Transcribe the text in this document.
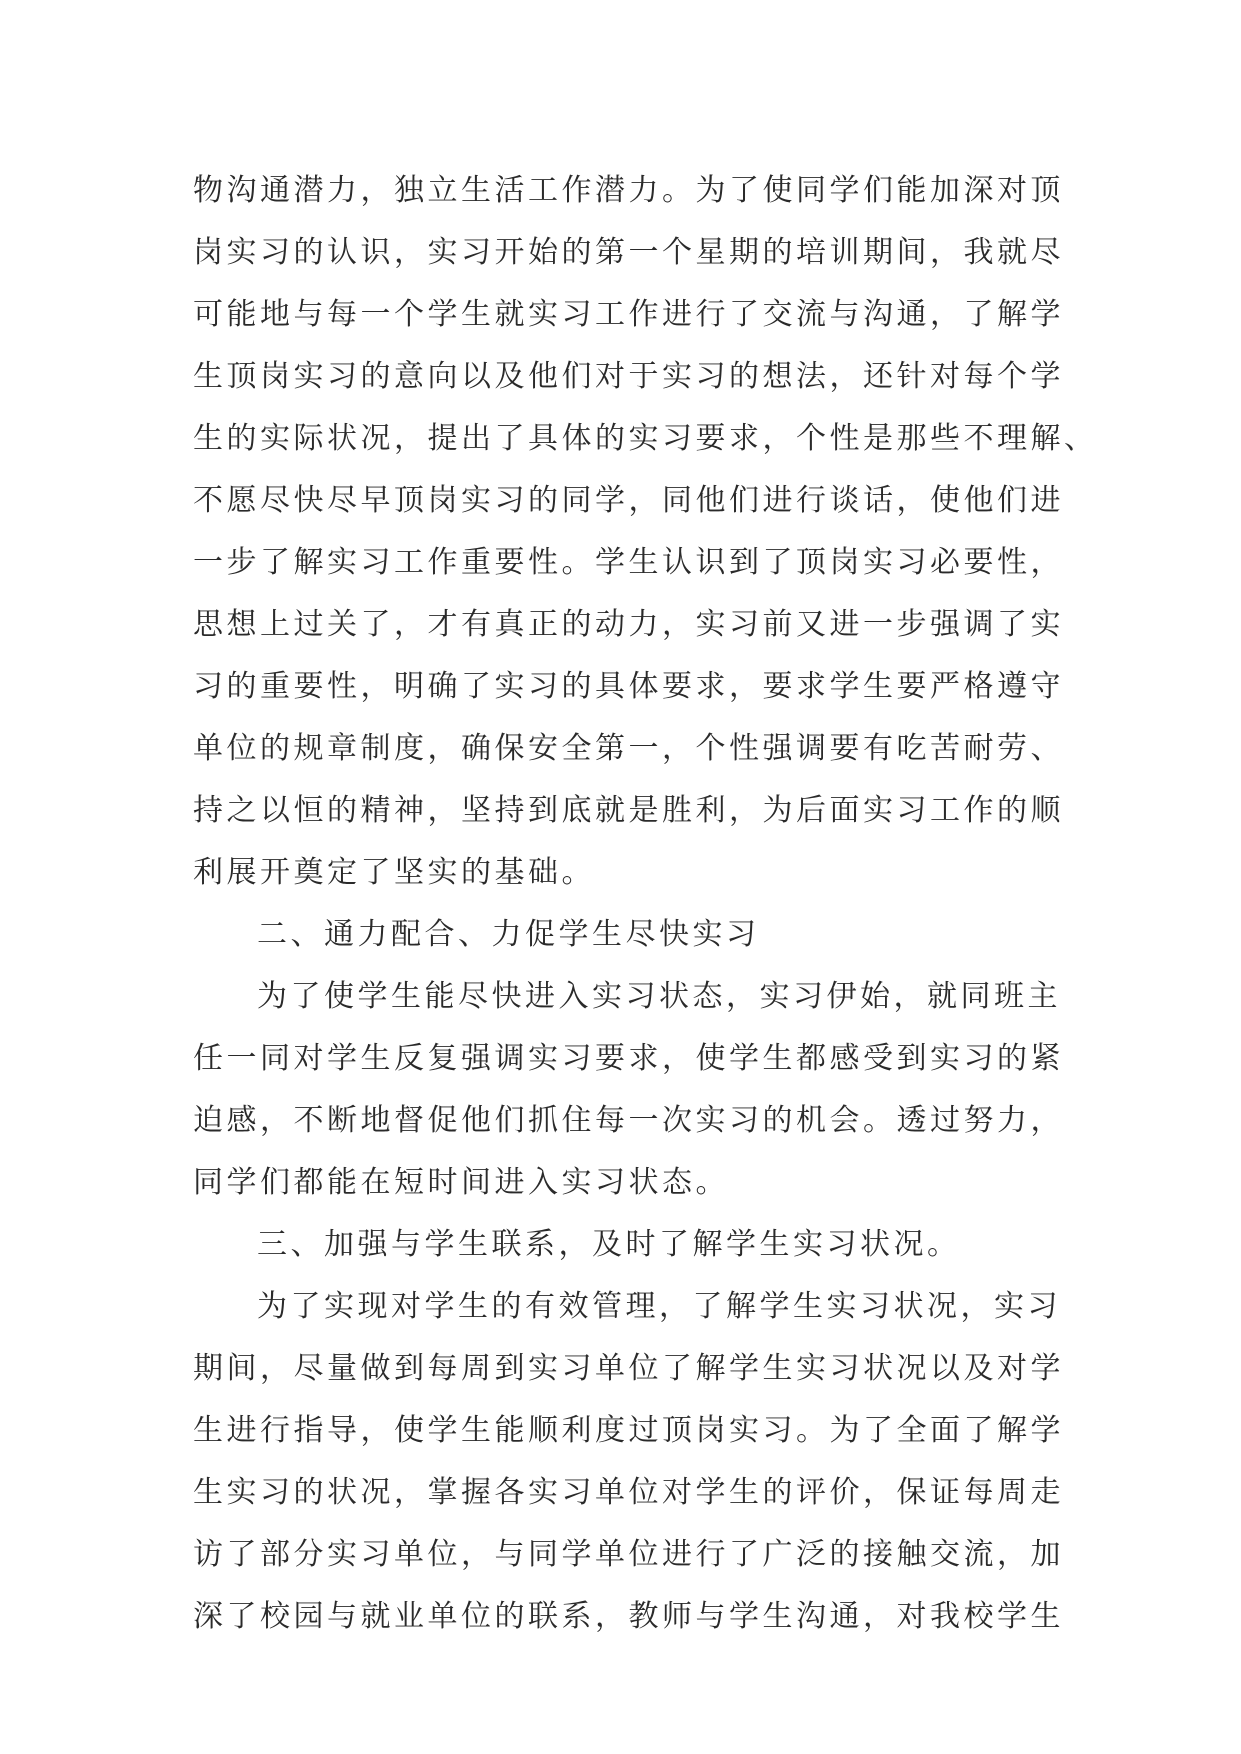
物沟通潜力，独立生活工作潜力。为了使同学们能加深对顶
岗实习的认识，实习开始的第一个星期的培训期间，我就尽
可能地与每一个学生就实习工作进行了交流与沟通，了解学
生顶岗实习的意向以及他们对于实习的想法，还针对每个学
生的实际状况，提出了具体的实习要求，个性是那些不理解、
不愿尽快尽早顶岗实习的同学，同他们进行谈话，使他们进
一步了解实习工作重要性。学生认识到了顶岗实习必要性，
思想上过关了，才有真正的动力，实习前又进一步强调了实
习的重要性，明确了实习的具体要求，要求学生要严格遵守
单位的规章制度，确保安全第一，个性强调要有吃苦耐劳、
持之以恒的精神，坚持到底就是胜利，为后面实习工作的顺
利展开奠定了坚实的基础。
二、通力配合、力促学生尽快实习
为了使学生能尽快进入实习状态，实习伊始，就同班主
任一同对学生反复强调实习要求，使学生都感受到实习的紧
迫感，不断地督促他们抓住每一次实习的机会。透过努力，
同学们都能在短时间进入实习状态。
三、加强与学生联系，及时了解学生实习状况。
为了实现对学生的有效管理，了解学生实习状况，实习
期间，尽量做到每周到实习单位了解学生实习状况以及对学
生进行指导，使学生能顺利度过顶岗实习。为了全面了解学
生实习的状况，掌握各实习单位对学生的评价，保证每周走
访了部分实习单位，与同学单位进行了广泛的接触交流，加
深了校园与就业单位的联系，教师与学生沟通，对我校学生
